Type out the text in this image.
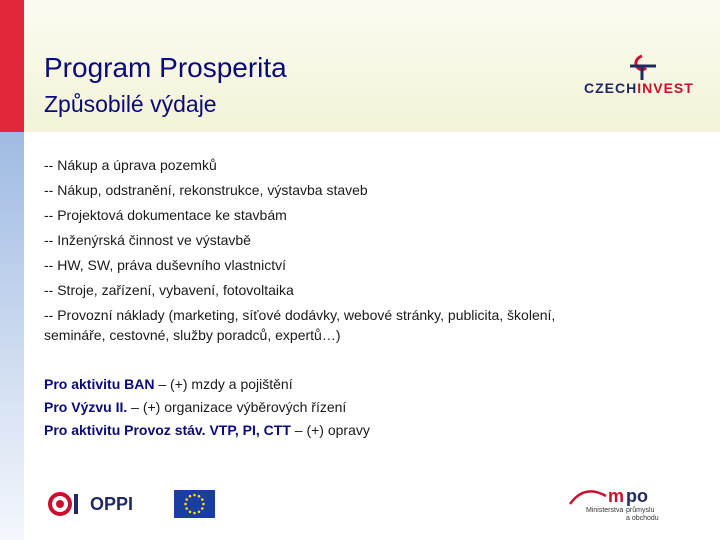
Program Prosperita
Způsobilé výdaje
CZECHINVEST
-- Nákup a úprava pozemků
-- Nákup, odstranění, rekonstrukce, výstavba staveb
-- Projektová dokumentace ke stavbám
-- Inženýrská činnost ve výstavbě
-- HW, SW, práva duševního vlastnictví
-- Stroje, zařízení, vybavení, fotovoltaika
-- Provozní náklady (marketing, síťové dodávky, webové stránky, publicita, školení, semináře, cestovné, služby poradců, expertů…)
Pro aktivitu BAN – (+) mzdy a pojištění
Pro Výzvu II. – (+) organizace výběrových řízení
Pro aktivitu Provoz stáv. VTP, PI, CTT – (+) opravy
OPPI	m po
Ministerstva průmyslu
a obchodu
